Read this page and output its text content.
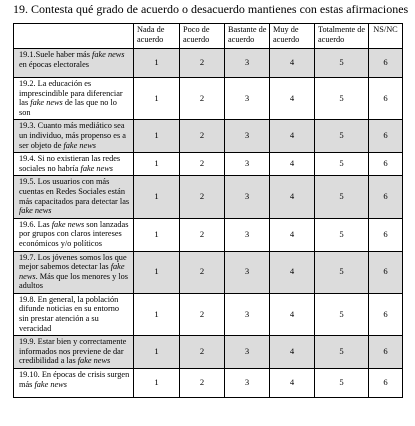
19. Contesta qué grado de acuerdo o desacuerdo mantienes con estas afirmaciones
	Nada de acuerdo	Poco de acuerdo	Bastante de acuerdo	Muy de acuerdo	Totalmente de acuerdo	NS/NC
19.1.Suele haber más fake news en épocas electorales	1	2	3	4	5	6
19.2. La educación es imprescindible para diferenciar las fake news de las que no lo son	1	2	3	4	5	6
19.3. Cuanto más mediático sea un individuo, más propenso es a ser objeto de fake news	1	2	3	4	5	6
19.4. Si no existieran las redes sociales no habría fake news	1	2	3	4	5	6
19.5. Los usuarios con más cuentas en Redes Sociales están más capacitados para detectar las fake news	1	2	3	4	5	6
19.6. Las fake news son lanzadas por grupos con claros intereses económicos y/o políticos	1	2	3	4	5	6
19.7. Los jóvenes somos los que mejor sabemos detectar las fake news. Más que los menores y los adultos	1	2	3	4	5	6
19.8. En general, la población difunde noticias en su entorno sin prestar atención a su veracidad	1	2	3	4	5	6
19.9. Estar bien y correctamente informados nos previene de dar credibilidad a las fake news	1	2	3	4	5	6
19.10. En épocas de crisis surgen más fake news	1	2	3	4	5	6
